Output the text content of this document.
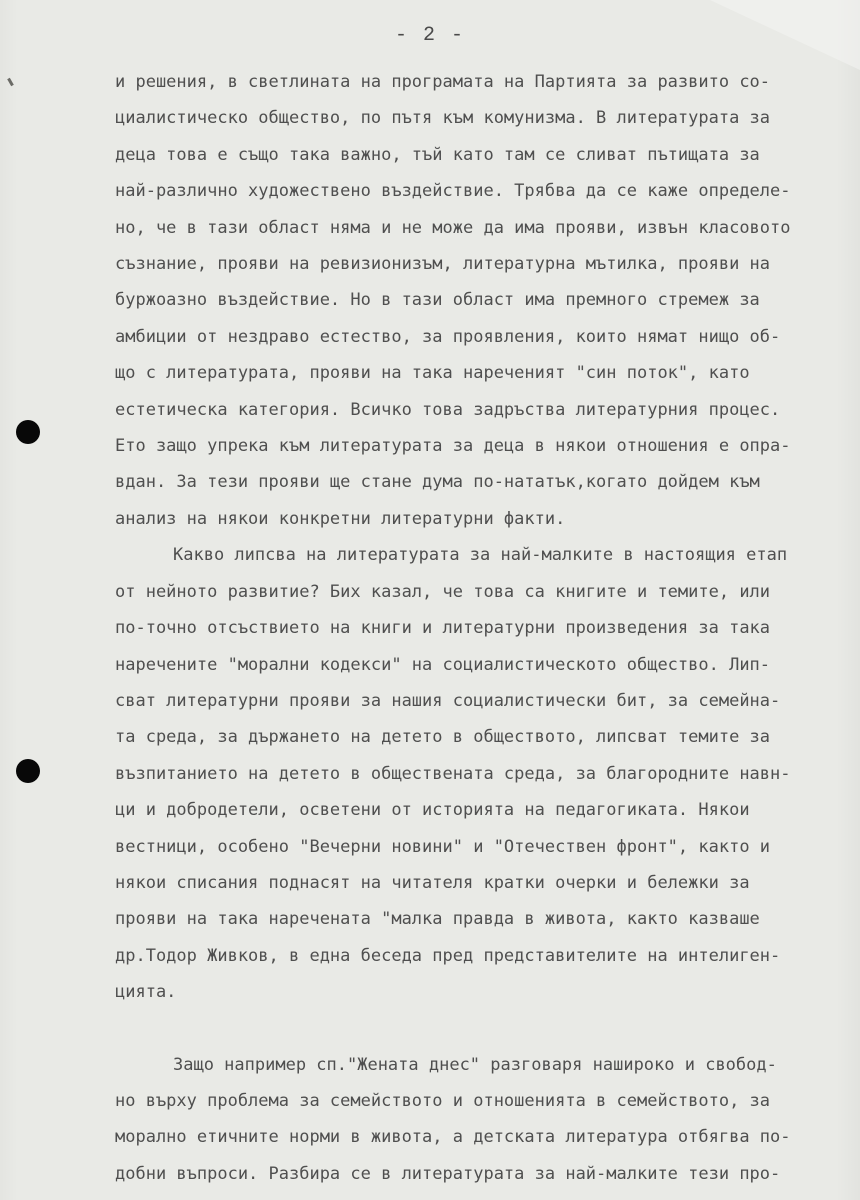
- 2 -

и решения, в светлината на програмата на Партията за развито со-
циалистическо общество, по пътя към комунизма. В литературата за
деца това е също така важно, тъй като там се сливат пътищата за
най-различно художествено въздействие. Трябва да се каже определе-
но, че в тази област няма и не може да има прояви, извън класовото
съзнание, прояви на ревизионизъм, литературна мътилка, прояви на
буржоазно въздействие. Но в тази област има премного стремеж за
амбиции от нездраво естество, за проявления, които нямат нищо об-
що с литературата, прояви на така нареченият "син поток", като
естетическа категория. Всичко това задръства литературния процес.
Ето защо упрека към литературата за деца в някои отношения е опра-
вдан. За тези прояви ще стане дума по-нататък,когато дойдем към
анализ на някои конкретни литературни факти.

Какво липсва на литературата за най-малките в настоящия етап
от нейното развитие? Бих казал, че това са книгите и темите, или
по-точно отсъствието на книги и литературни произведения за така
наречените "морални кодекси" на социалистическото общество. Лип-
сват литературни прояви за нашия социалистически бит, за семейна-
та среда, за държането на детето в обществото, липсват темите за
възпитанието на детето в обществената среда, за благородните навн-
ци и добродетели, осветени от историята на педагогиката. Някои
вестници, особено "Вечерни новини" и "Отечествен фронт", както и
някои списания поднасят на читателя кратки очерки и бележки за
прояви на така наречената "малка правда в живота, както казваше
др.Тодор Живков, в една беседа пред представителите на интелиген-
цията.

Защо например сп."Жената днес" разговаря нашироко и свобод-
но върху проблема за семейството и отношенията в семейството, за
морално етичните норми в живота, а детската литература отбягва по-
добни въпроси. Разбира се в литературата за най-малките тези про-
